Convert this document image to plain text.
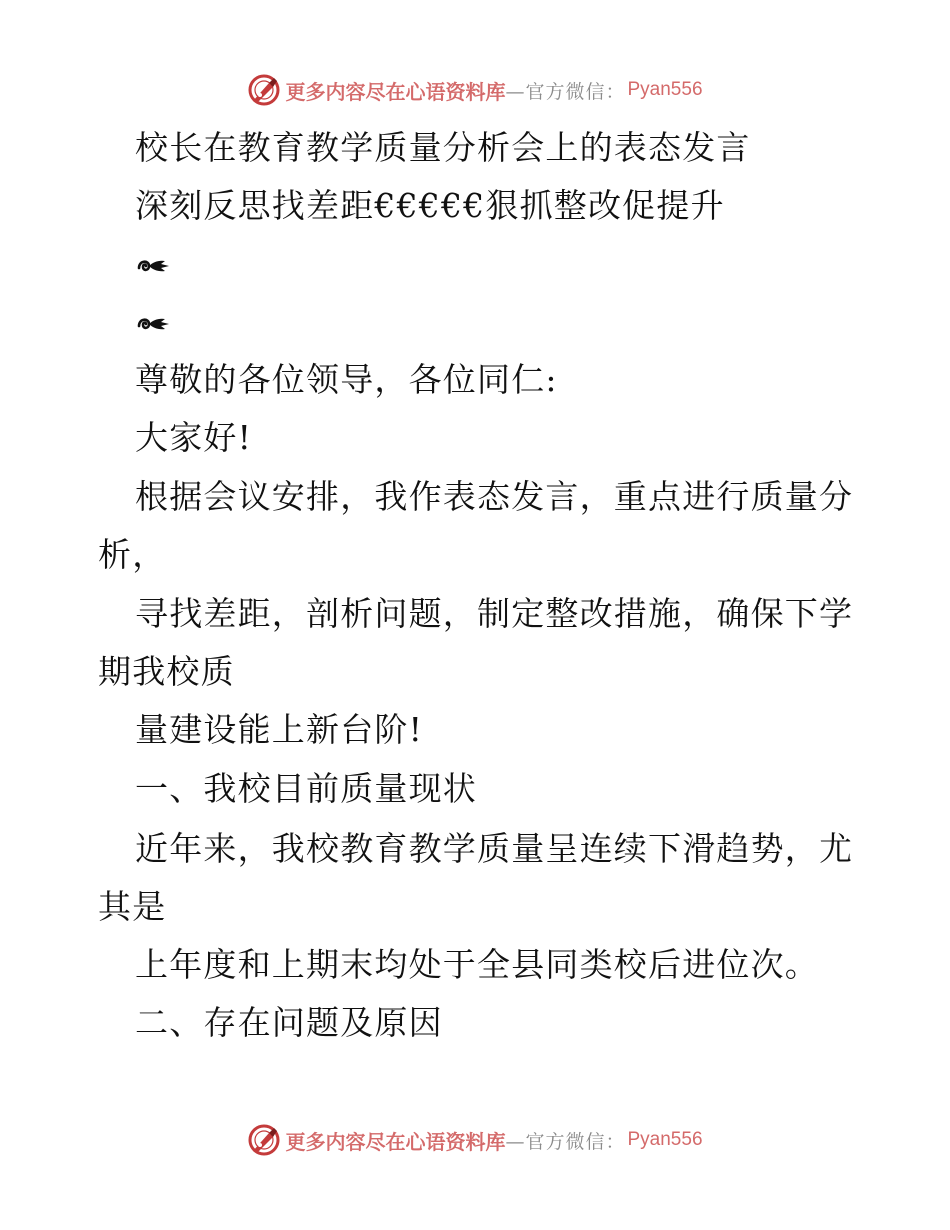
更多内容尽在心语资料库 —官方微信： Pyan556
校长在教育教学质量分析会上的表态发言
深刻反思找差距€€€€€狠抓整改促提升
尊敬的各位领导，各位同仁:
大家好!
根据会议安排，我作表态发言，重点进行质量分
析，
寻找差距，剖析问题，制定整改措施，确保下学
期我校质
量建设能上新台阶!
一、我校目前质量现状
近年来，我校教育教学质量呈连续下滑趋势，尤
其是
上年度和上期末均处于全县同类校后进位次。
二、存在问题及原因
更多内容尽在心语资料库 —官方微信： Pyan556
